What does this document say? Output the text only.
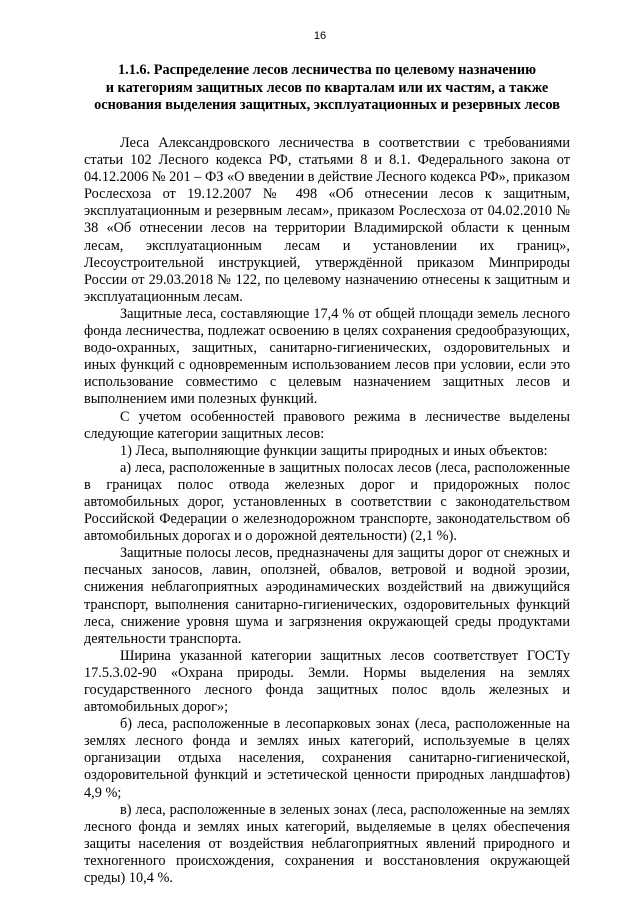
16
1.1.6. Распределение лесов лесничества по целевому назначению
и категориям защитных лесов по кварталам или их частям, а также
основания выделения защитных, эксплуатационных и резервных лесов

Леса Александровского лесничества в соответствии с требованиями статьи 102 Лесного кодекса РФ, статьями 8 и 8.1. Федерального закона от 04.12.2006 № 201 – ФЗ «О введении в действие Лесного кодекса РФ», приказом Рослесхоза от 19.12.2007 № 498 «Об отнесении лесов к защитным, эксплуатационным и резервным лесам», приказом Рослесхоза от 04.02.2010 № 38 «Об отнесении лесов на территории Владимирской области к ценным лесам, эксплуатационным лесам и установлении их границ», Лесоустроительной инструкцией, утверждённой приказом Минприроды России от 29.03.2018 № 122, по целевому назначению отнесены к защитным и эксплуатационным лесам.

Защитные леса, составляющие 17,4 % от общей площади земель лесного фонда лесничества, подлежат освоению в целях сохранения средообразующих, водо-охранных, защитных, санитарно-гигиенических, оздоровительных и иных функций с одновременным использованием лесов при условии, если это использование совместимо с целевым назначением защитных лесов и выполнением ими полезных функций.

С учетом особенностей правового режима в лесничестве выделены следующие категории защитных лесов:

1) Леса, выполняющие функции защиты природных и иных объектов:

а) леса, расположенные в защитных полосах лесов (леса, расположенные в границах полос отвода железных дорог и придорожных полос автомобильных дорог, установленных в соответствии с законодательством Российской Федерации о железнодорожном транспорте, законодательством об автомобильных дорогах и о дорожной деятельности) (2,1 %).

Защитные полосы лесов, предназначены для защиты дорог от снежных и песчаных заносов, лавин, оползней, обвалов, ветровой и водной эрозии, снижения неблагоприятных аэродинамических воздействий на движущийся транспорт, выполнения санитарно-гигиенических, оздоровительных функций леса, снижение уровня шума и загрязнения окружающей среды продуктами деятельности транспорта.

Ширина указанной категории защитных лесов соответствует ГОСТу 17.5.3.02-90 «Охрана природы. Земли. Нормы выделения на землях государственного лесного фонда защитных полос вдоль железных и автомобильных дорог»;

б) леса, расположенные в лесопарковых зонах (леса, расположенные на землях лесного фонда и землях иных категорий, используемые в целях организации отдыха населения, сохранения санитарно-гигиенической, оздоровительной функций и эстетической ценности природных ландшафтов) 4,9 %;

в) леса, расположенные в зеленых зонах (леса, расположенные на землях лесного фонда и землях иных категорий, выделяемые в целях обеспечения защиты населения от воздействия неблагоприятных явлений природного и техногенного происхождения, сохранения и восстановления окружающей среды) 10,4 %.
